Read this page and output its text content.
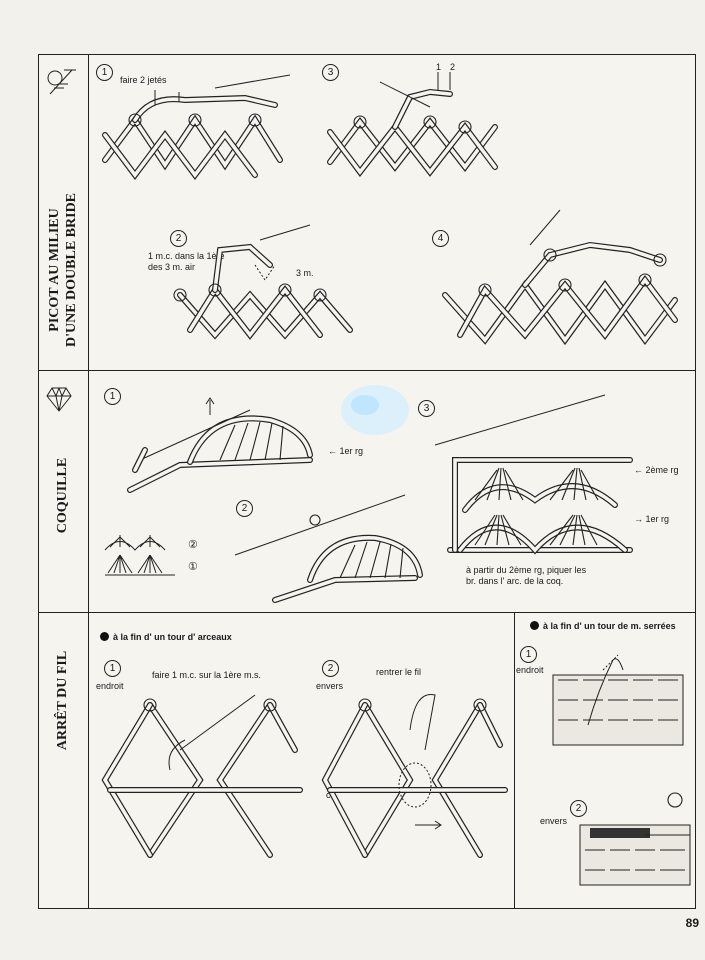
PICOT AU MILIEU D'UNE DOUBLE BRIDE
1
faire 2 jetés
2
1 m.c. dans la 1ère
des 3 m. air
3 m.
3	1 2
4
COQUILLE
1
← 1er rg
2
②
①
3
← 2ème rg
→ 1er rg
à partir du 2ème rg, piquer les
br. dans l' arc. de la coq.
ARRÊT DU FIL
à la fin d' un tour d' arceaux
à la fin d' un tour de m. serrées
1
endroit
faire 1 m.c. sur la 1ère m.s.
2
envers
rentrer le fil
c
1
endroit
2
envers
89
